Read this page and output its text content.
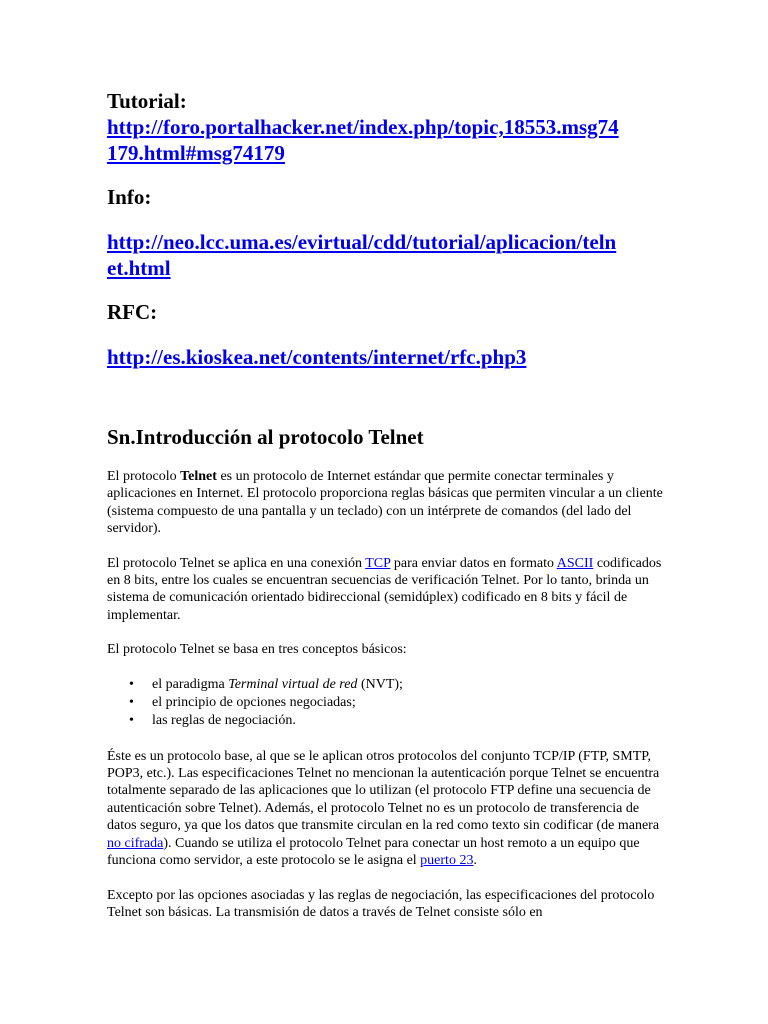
Tutorial:
http://foro.portalhacker.net/index.php/topic,18553.msg74
179.html#msg74179

Info:

http://neo.lcc.uma.es/evirtual/cdd/tutorial/aplicacion/teln
et.html

RFC:

http://es.kioskea.net/contents/internet/rfc.php3

Sn.Introducción al protocolo Telnet

El protocolo Telnet es un protocolo de Internet estándar que permite conectar terminales y aplicaciones en Internet. El protocolo proporciona reglas básicas que permiten vincular a un cliente (sistema compuesto de una pantalla y un teclado) con un intérprete de comandos (del lado del servidor).

El protocolo Telnet se aplica en una conexión TCP para enviar datos en formato ASCII codificados en 8 bits, entre los cuales se encuentran secuencias de verificación Telnet. Por lo tanto, brinda un sistema de comunicación orientado bidireccional (semidúplex) codificado en 8 bits y fácil de implementar.

El protocolo Telnet se basa en tres conceptos básicos:

• el paradigma Terminal virtual de red (NVT);
• el principio de opciones negociadas;
• las reglas de negociación.

Éste es un protocolo base, al que se le aplican otros protocolos del conjunto TCP/IP (FTP, SMTP, POP3, etc.). Las especificaciones Telnet no mencionan la autenticación porque Telnet se encuentra totalmente separado de las aplicaciones que lo utilizan (el protocolo FTP define una secuencia de autenticación sobre Telnet). Además, el protocolo Telnet no es un protocolo de transferencia de datos seguro, ya que los datos que transmite circulan en la red como texto sin codificar (de manera no cifrada). Cuando se utiliza el protocolo Telnet para conectar un host remoto a un equipo que funciona como servidor, a este protocolo se le asigna el puerto 23.

Excepto por las opciones asociadas y las reglas de negociación, las especificaciones del protocolo Telnet son básicas. La transmisión de datos a través de Telnet consiste sólo en
